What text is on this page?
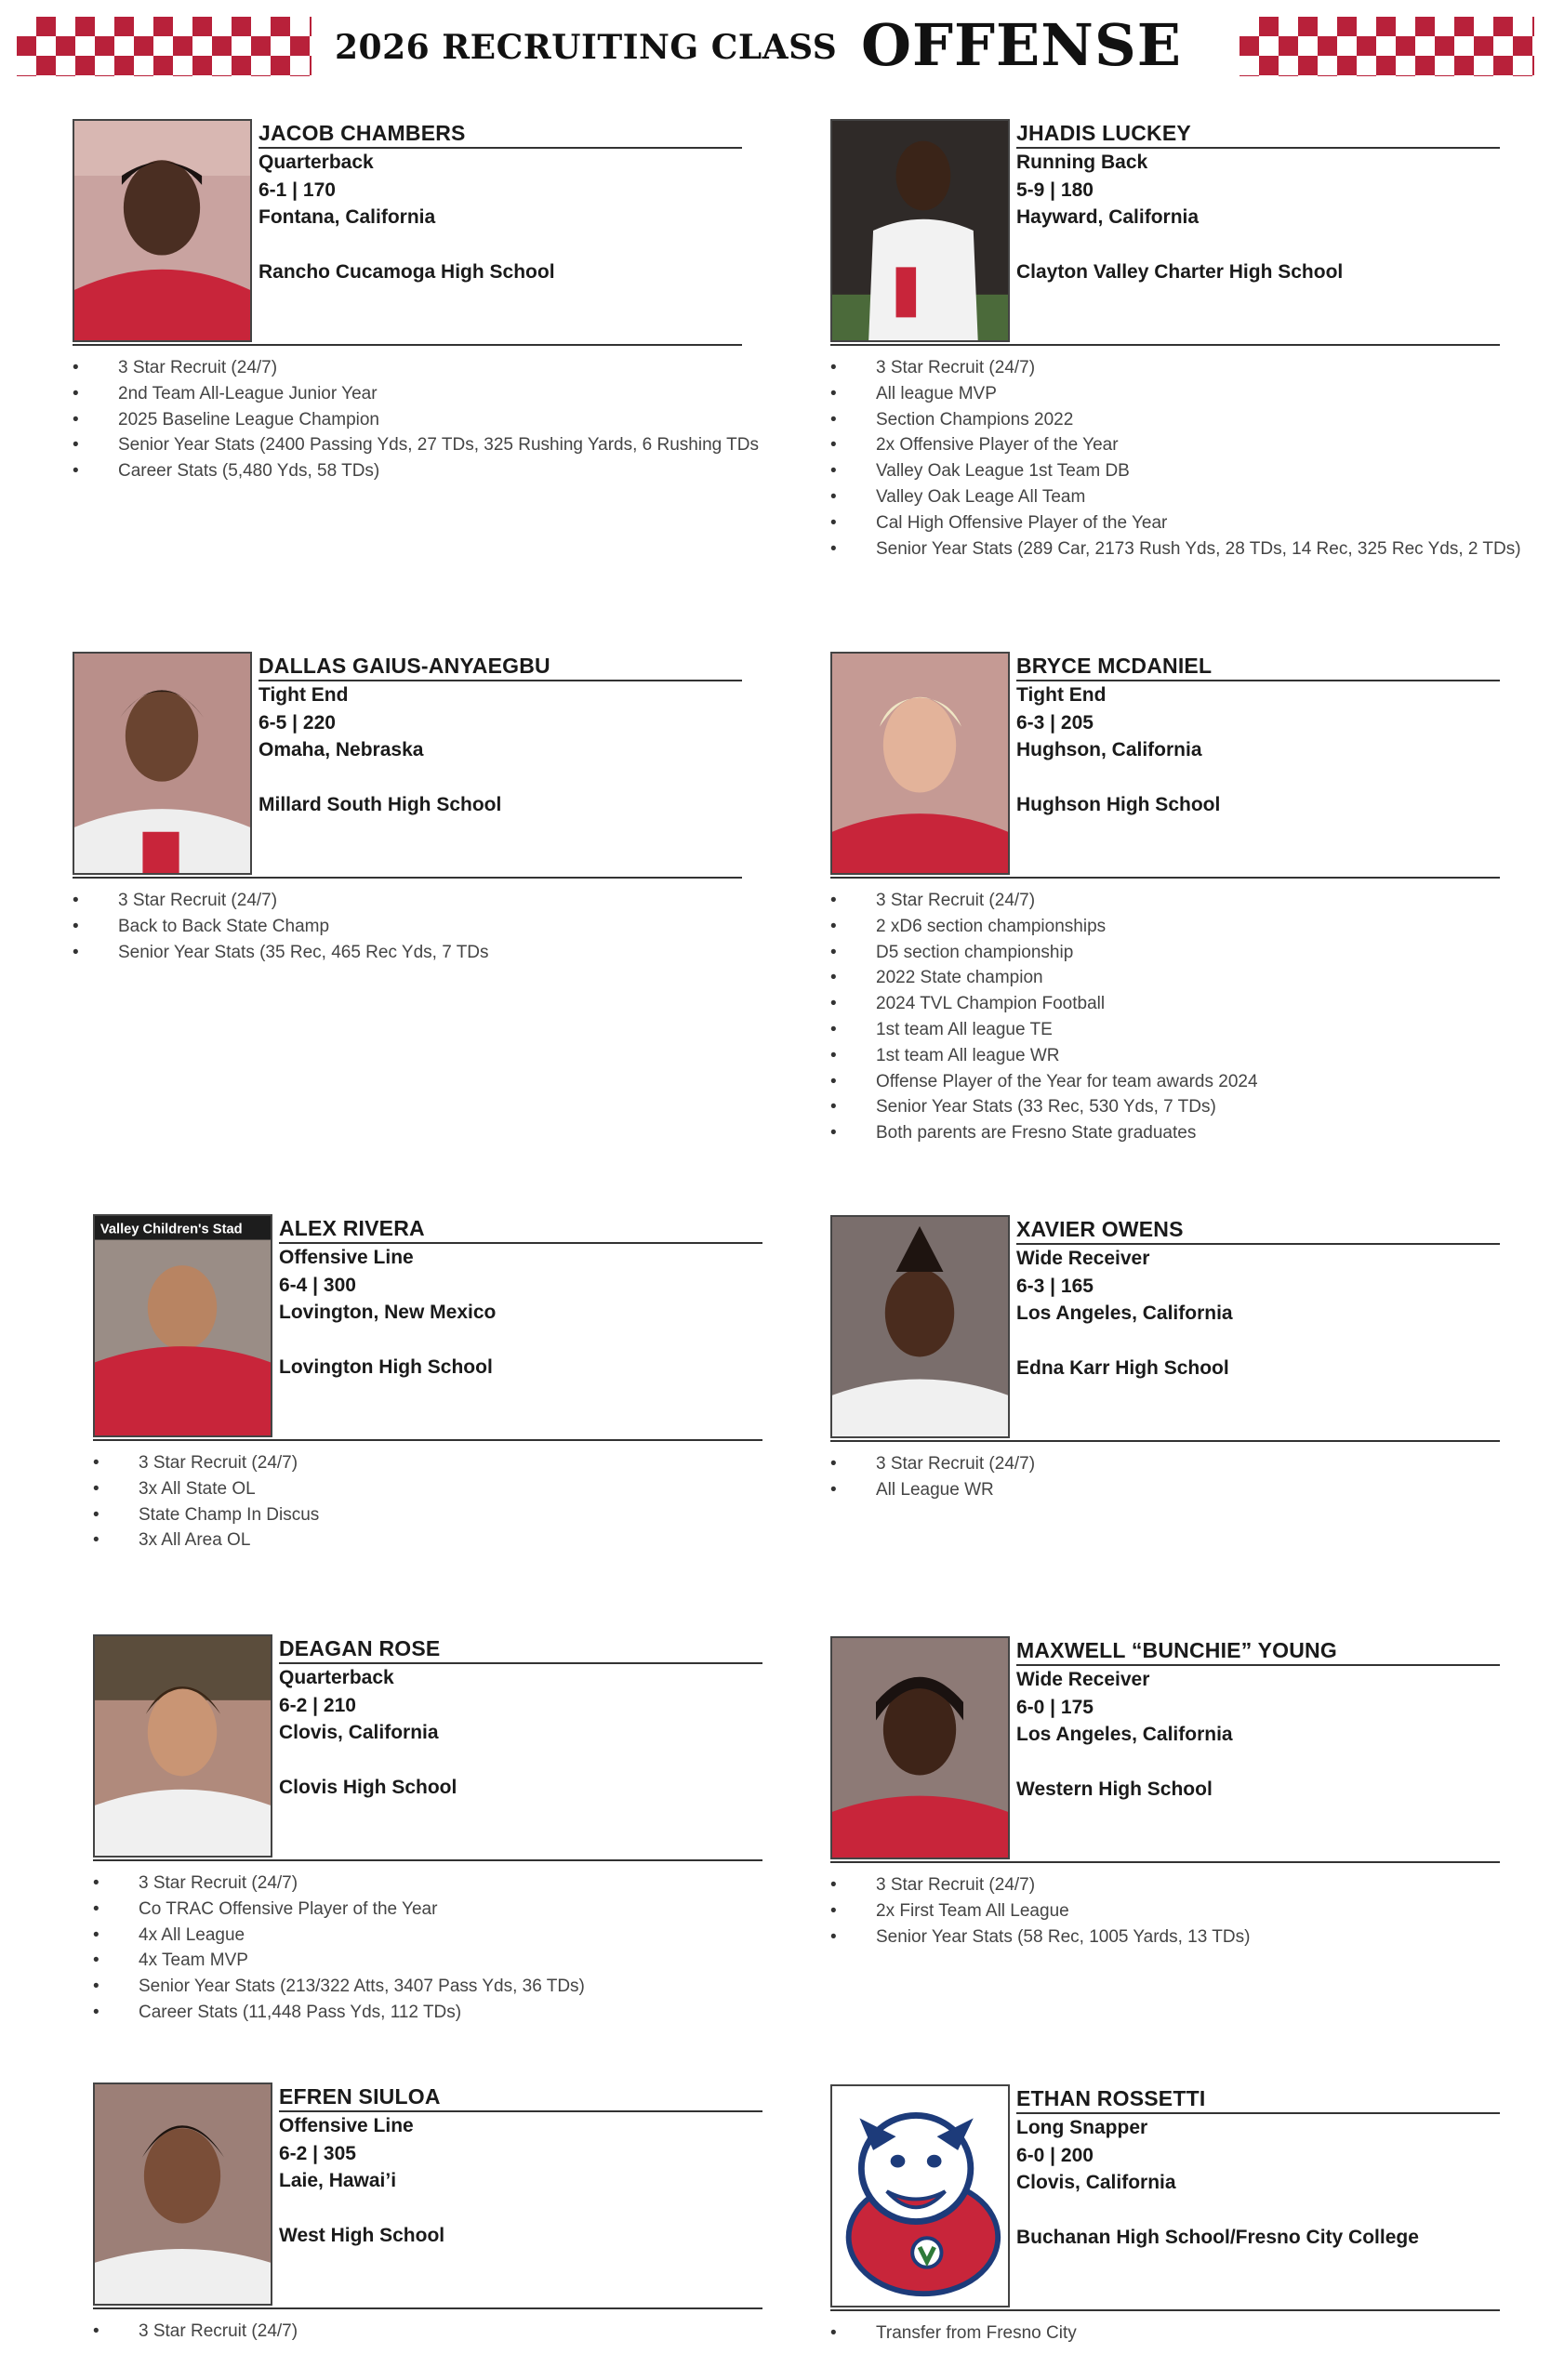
2026 RECRUITING CLASS OFFENSE
JACOB CHAMBERS
Quarterback
6-1 | 170
Fontana, California
Rancho Cucamoga High School
• 3 Star Recruit (24/7)
• 2nd Team All-League Junior Year
• 2025 Baseline League Champion
• Senior Year Stats (2400 Passing Yds, 27 TDs, 325 Rushing Yards, 6 Rushing TDs
• Career Stats (5,480 Yds, 58 TDs)
JHADIS LUCKEY
Running Back
5-9 | 180
Hayward, California
Clayton Valley Charter High School
• 3 Star Recruit (24/7)
• All league MVP
• Section Champions 2022
• 2x Offensive Player of the Year
• Valley Oak League 1st Team DB
• Valley Oak Leage All Team
• Cal High Offensive Player of the Year
• Senior Year Stats (289 Car, 2173 Rush Yds, 28 TDs, 14 Rec, 325 Rec Yds, 2 TDs)
DALLAS GAIUS-ANYAEGBU
Tight End
6-5 | 220
Omaha, Nebraska
Millard South High School
• 3 Star Recruit (24/7)
• Back to Back State Champ
• Senior Year Stats (35 Rec, 465 Rec Yds, 7 TDs
BRYCE MCDANIEL
Tight End
6-3 | 205
Hughson, California
Hughson High School
• 3 Star Recruit (24/7)
• 2 xD6 section championships
• D5 section championship
• 2022 State champion
• 2024 TVL Champion Football
• 1st team All league TE
• 1st team All league WR
• Offense Player of the Year for team awards 2024
• Senior Year Stats (33 Rec, 530 Yds, 7 TDs)
• Both parents are Fresno State graduates
Valley Children's Stad ALEX RIVERA
Offensive Line
6-4 | 300
Lovington, New Mexico
Lovington High School
• 3 Star Recruit (24/7)
• 3x All State OL
• State Champ In Discus
• 3x All Area OL
XAVIER OWENS
Wide Receiver
6-3 | 165
Los Angeles, California
Edna Karr High School
• 3 Star Recruit (24/7)
• All League WR
DEAGAN ROSE
Quarterback
6-2 | 210
Clovis, California
Clovis High School
• 3 Star Recruit (24/7)
• Co TRAC Offensive Player of the Year
• 4x All League
• 4x Team MVP
• Senior Year Stats (213/322 Atts, 3407 Pass Yds, 36 TDs)
• Career Stats (11,448 Pass Yds, 112 TDs)
MAXWELL “BUNCHIE” YOUNG
Wide Receiver
6-0 | 175
Los Angeles, California
Western High School
• 3 Star Recruit (24/7)
• 2x First Team All League
• Senior Year Stats (58 Rec, 1005 Yards, 13 TDs)
EFREN SIULOA
Offensive Line
6-2 | 305
Laie, Hawai’i
West High School
• 3 Star Recruit (24/7)
ETHAN ROSSETTI
Long Snapper
6-0 | 200
Clovis, California
Buchanan High School/Fresno City College
• Transfer from Fresno City
